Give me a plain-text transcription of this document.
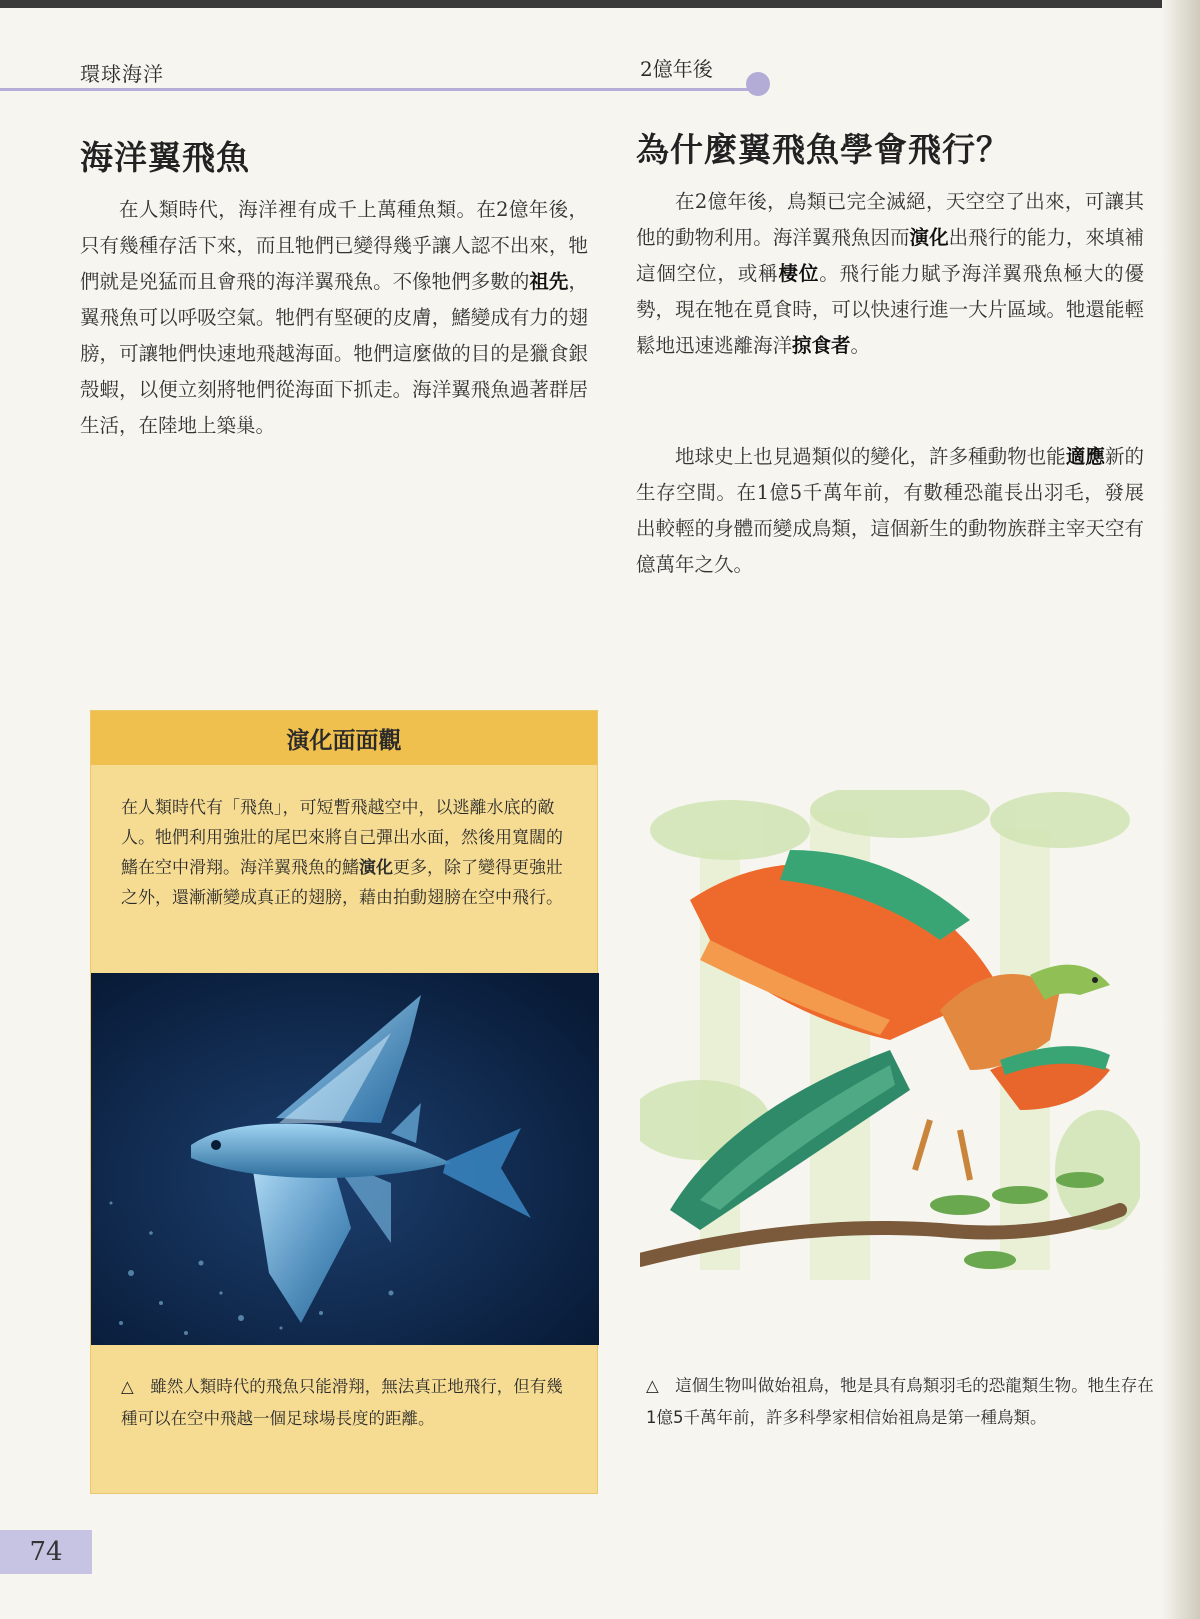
環球海洋	2億年後
海洋翼飛魚

在人類時代，海洋裡有成千上萬種魚類。在2億年後，只有幾種存活下來，而且牠們已變得幾乎讓人認不出來，牠們就是兇猛而且會飛的海洋翼飛魚。不像牠們多數的祖先，翼飛魚可以呼吸空氣。牠們有堅硬的皮膚，鰭變成有力的翅膀，可讓牠們快速地飛越海面。牠們這麼做的目的是獵食銀殼蝦，以便立刻將牠們從海面下抓走。海洋翼飛魚過著群居生活，在陸地上築巢。

為什麼翼飛魚學會飛行？

在2億年後，鳥類已完全滅絕，天空空了出來，可讓其他的動物利用。海洋翼飛魚因而演化出飛行的能力，來填補這個空位，或稱棲位。飛行能力賦予海洋翼飛魚極大的優勢，現在牠在覓食時，可以快速行進一大片區域。牠還能輕鬆地迅速逃離海洋掠食者。

地球史上也見過類似的變化，許多種動物也能適應新的生存空間。在1億5千萬年前，有數種恐龍長出羽毛，發展出較輕的身體而變成鳥類，這個新生的動物族群主宰天空有億萬年之久。

演化面面觀
在人類時代有「飛魚」，可短暫飛越空中，以逃離水底的敵人。牠們利用強壯的尾巴來將自己彈出水面，然後用寬闊的鰭在空中滑翔。海洋翼飛魚的鰭演化更多，除了變得更強壯之外，還漸漸變成真正的翅膀，藉由拍動翅膀在空中飛行。
△　雖然人類時代的飛魚只能滑翔，無法真正地飛行，但有幾種可以在空中飛越一個足球場長度的距離。
△　這個生物叫做始祖鳥，牠是具有鳥類羽毛的恐龍類生物。牠生存在1億5千萬年前，許多科學家相信始祖鳥是第一種鳥類。
74
